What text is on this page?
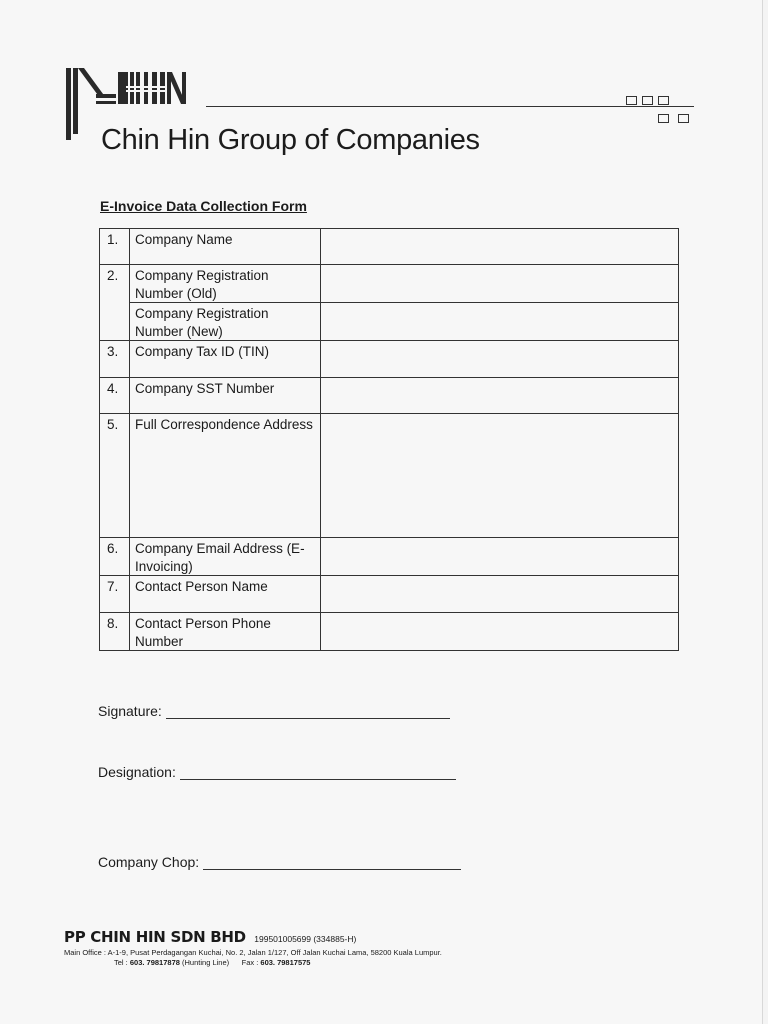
Chin Hin Group of Companies
E-Invoice Data Collection Form
1.	Company Name	
2.	Company Registration Number (Old)	
	Company Registration Number (New)	
3.	Company Tax ID (TIN)	
4.	Company SST Number	
5.	Full Correspondence Address	
6.	Company Email Address (E-Invoicing)	
7.	Contact Person Name	
8.	Contact Person Phone Number	
Signature:
Designation:
Company Chop:
PP CHIN HIN SDN BHD 199501005699 (334885-H)
Main Office : A-1-9, Pusat Perdagangan Kuchai, No. 2, Jalan 1/127, Off Jalan Kuchai Lama, 58200 Kuala Lumpur.
Tel : 603. 79817878 (Hunting Line) Fax : 603. 79817575
